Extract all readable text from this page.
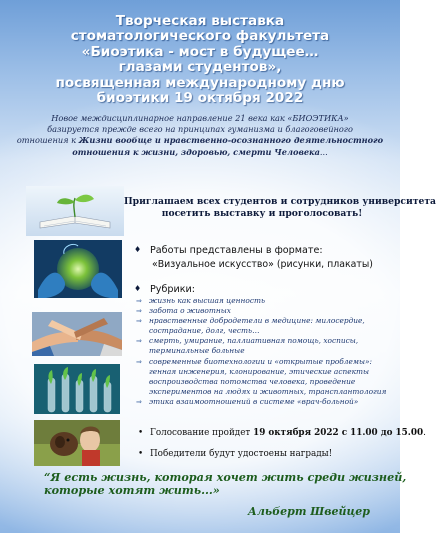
Творческая выставка
стоматологического факультета
«Биоэтика - мост в будущее…
глазами студентов»,
посвященная международному дню
биоэтики 19 октября 2022
Новое междисциплинарное направление 21 века как «БИОЭТИКА»
базируется прежде всего на принципах гуманизма и благоговейного
отношения к Жизни вообще и нравственно-осознанного деятельностного
отношения к жизни, здоровью, смерти Человека...
Приглашаем всех студентов и сотрудников университета
посетить выставку и проголосовать!
♦ Работы представлены в формате:
«Визуальное искусство» (рисунки, плакаты)
♦ Рубрики:
⇒ жизнь как высшая ценность
⇒ забота о животных
⇒ нравственные добродетели в медицине: милосердие,
сострадание, долг, честь…
⇒ смерть, умирание, паллиативная помощь, хосписы,
терминальные больные
⇒ современные биотехнологии и «открытые проблемы»:
генная инженерия, клонирование, этические аспекты
воспроизводства потомства человека, проведение
экспериментов на людях и животных, трансплантология
⇒ этика взаимоотношений в системе «врач-больной»
• Голосование пройдет 19 октября 2022 с 11.00 до 15.00.
• Победители будут удостоены награды!
“Я есть жизнь, которая хочет жить среди жизней,
которые хотят жить...»
Альберт Швейцер
